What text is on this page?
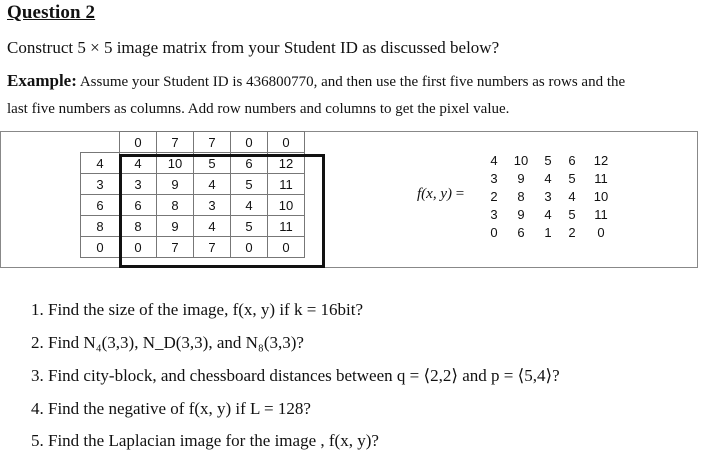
Question 2
Construct 5 × 5 image matrix from your Student ID as discussed below?
Example: Assume your Student ID is 436800770, and then use the first five numbers as rows and the
last five numbers as columns. Add row numbers and columns to get the pixel value.
	0	7	7	0	0
4	4	10	5	6	12
3	3	9	4	5	11
6	6	8	3	4	10
8	8	9	4	5	11
0	0	7	7	0	0
f(x, y) =
4	10	5	6	12
3	9	4	5	11
2	8	3	4	10
3	9	4	5	11
0	6	1	2	0
1. Find the size of the image, f(x, y) if k = 16bit?
2. Find N₄(3,3), N_D(3,3), and N₈(3,3)?
3. Find city-block, and chessboard distances between q = ⟨2,2⟩ and p = ⟨5,4⟩?
4. Find the negative of f(x, y) if L = 128?
5. Find the Laplacian image for the image , f(x, y)?
